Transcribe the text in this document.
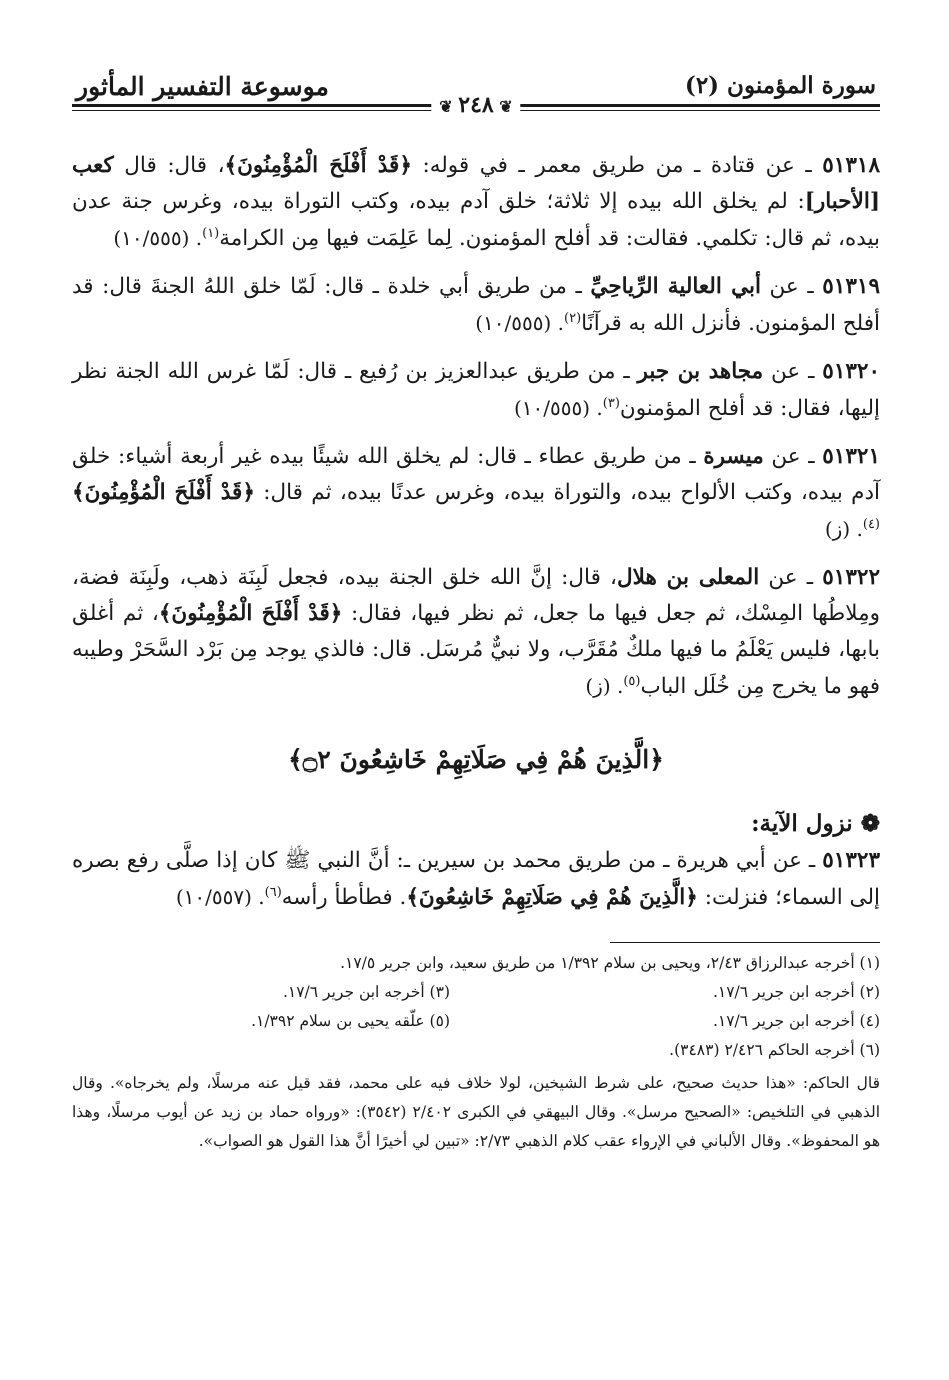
سورة المؤمنون (٢)
موسوعة التفسير المأثور
❦ ٢٤٨ ❦

٥١٣١٨ ـ عن قتادة ـ من طريق معمر ـ في قوله: ﴿قَدْ أَفْلَحَ الْمُؤْمِنُونَ﴾، قال: قال كعب [الأحبار]: لم يخلق الله بيده إلا ثلاثة؛ خلق آدم بيده، وكتب التوراة بيده، وغرس جنة عدن بيده، ثم قال: تكلمي. فقالت: قد أفلح المؤمنون. لِما عَلِمَت فيها مِن الكرامة$^{(١)}$. (١٠/٥٥٥)

٥١٣١٩ ـ عن أبي العالية الرِّياحِيِّ ـ من طريق أبي خلدة ـ قال: لَمّا خلق اللهُ الجنةَ قال: قد أفلح المؤمنون. فأنزل الله به قرآنًا$^{(٢)}$. (١٠/٥٥٥)

٥١٣٢٠ ـ عن مجاهد بن جبر ـ من طريق عبدالعزيز بن رُفيع ـ قال: لَمّا غرس الله الجنة نظر إليها، فقال: قد أفلح المؤمنون$^{(٣)}$. (١٠/٥٥٥)

٥١٣٢١ ـ عن ميسرة ـ من طريق عطاء ـ قال: لم يخلق الله شيئًا بيده غير أربعة أشياء: خلق آدم بيده، وكتب الألواح بيده، والتوراة بيده، وغرس عدنًا بيده، ثم قال: ﴿قَدْ أَفْلَحَ الْمُؤْمِنُونَ﴾$^{(٤)}$. (ز)

٥١٣٢٢ ـ عن المعلى بن هلال، قال: إنَّ الله خلق الجنة بيده، فجعل لَبِنَة ذهب، ولَبِنَة فضة، ومِلاطُها المِسْك، ثم جعل فيها ما جعل، ثم نظر فيها، فقال: ﴿قَدْ أَفْلَحَ الْمُؤْمِنُونَ﴾، ثم أغلق بابها، فليس يَعْلَمُ ما فيها ملكٌ مُقَرَّب، ولا نبيٌّ مُرسَل. قال: فالذي يوجد مِن بَرْد السَّحَرْ وطيبه فهو ما يخرج مِن خُلَل الباب$^{(٥)}$. (ز)

﴿الَّذِينَ هُمْ فِي صَلَاتِهِمْ خَاشِعُونَ ۝٢﴾
❁ نزول الآية:

٥١٣٢٣ ـ عن أبي هريرة ـ من طريق محمد بن سيرين ـ: أنَّ النبي ﷺ كان إذا صلَّى رفع بصره إلى السماء؛ فنزلت: ﴿الَّذِينَ هُمْ فِي صَلَاتِهِمْ خَاشِعُونَ﴾. فطأطأ رأسه$^{(٦)}$. (١٠/٥٥٧)

(١) أخرجه عبدالرزاق ٢/٤٣، ويحيى بن سلام ١/٣٩٢ من طريق سعيد، وابن جرير ١٧/٥.
(٢) أخرجه ابن جرير ١٧/٦.
(٣) أخرجه ابن جرير ١٧/٦.
(٤) أخرجه ابن جرير ١٧/٦.
(٥) علّقه يحيى بن سلام ١/٣٩٢.
(٦) أخرجه الحاكم ٢/٤٢٦ (٣٤٨٣).
قال الحاكم: «هذا حديث صحيح، على شرط الشيخين، لولا خلاف فيه على محمد، فقد قيل عنه مرسلًا، ولم يخرجاه». وقال الذهبي في التلخيص: «الصحيح مرسل». وقال البيهقي في الكبرى ٢/٤٠٢ (٣٥٤٢): «ورواه حماد بن زيد عن أيوب مرسلًا، وهذا هو المحفوظ». وقال الألباني في الإرواء عقب كلام الذهبي ٢/٧٣: «تبين لي أخيرًا أنَّ هذا القول هو الصواب».
